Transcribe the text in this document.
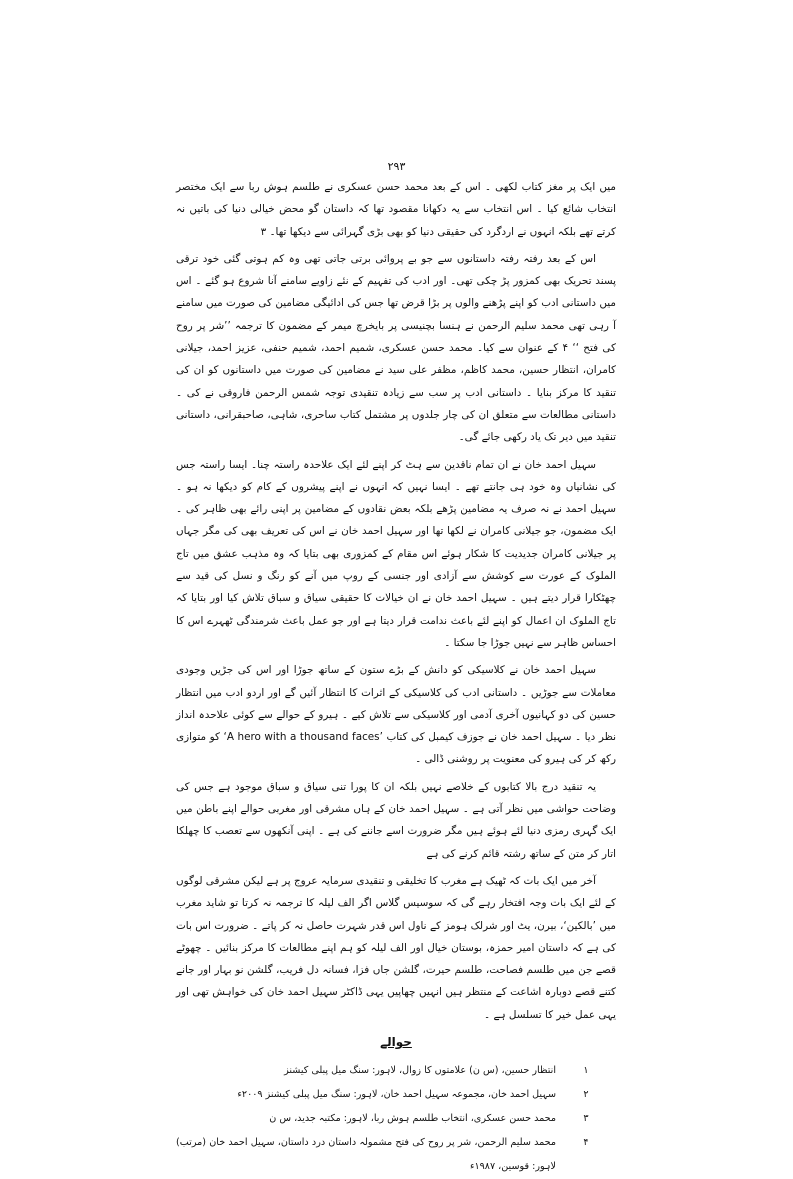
۲۹۳

میں ایک پر مغز کتاب لکھی ۔ اس کے بعد محمد حسن عسکری نے طلسم ہوش ربا سے ایک مختصر انتخاب شائع کیا ۔ اس انتخاب سے یہ دکھانا مقصود تھا کہ داستان گو محض خیالی دنیا کی باتیں نہ کرتے تھے بلکہ انہوں نے اردگرد کی حقیقی دنیا کو بھی بڑی گہرائی سے دیکھا تھا۔ ۳

اس کے بعد رفتہ رفتہ داستانوں سے جو بے پروائی برتی جاتی تھی وہ کم ہوتی گئی خود ترقی پسند تحریک بھی کمزور پڑ چکی تھی۔ اور ادب کی تفہیم کے نئے زاویے سامنے آنا شروع ہو گئے ۔ اس میں داستانی ادب کو اپنے پڑھنے والوں پر بڑا قرض تھا جس کی ادائیگی مضامین کی صورت میں سامنے آ رہی تھی محمد سلیم الرحمن نے ہنسا بچنیسی پر بایخرچ میمر کے مضمون کا ترجمہ ’’شر پر روح کی فتح ‘‘ ۴ کے عنوان سے کیا۔ محمد حسن عسکری، شمیم احمد، شمیم حنفی، عزیز احمد، جیلانی کامران، انتظار حسین، محمد کاظم، مظفر علی سید نے مضامین کی صورت میں داستانوں کو ان کی تنقید کا مرکز بنایا ۔ داستانی ادب پر سب سے زیادہ تنقیدی توجہ شمس الرحمن فاروقی نے کی ۔ داستانی مطالعات سے متعلق ان کی چار جلدوں پر مشتمل کتاب ساحری، شاہی، صاحبقرانی، داستانی تنقید میں دیر تک یاد رکھی جائے گی۔

سہیل احمد خان نے ان تمام ناقدین سے ہٹ کر اپنے لئے ایک علاحدہ راستہ چنا۔ ایسا راستہ جس کی نشانیاں وہ خود ہی جانتے تھے ۔ ایسا نہیں کہ انہوں نے اپنے پیشروں کے کام کو دیکھا نہ ہو ۔ سہیل احمد نے نہ صرف یہ مضامین پڑھے بلکہ بعض نقادوں کے مضامین پر اپنی رائے بھی ظاہر کی ۔ ایک مضمون، جو جیلانی کامران نے لکھا تھا اور سہیل احمد خان نے اس کی تعریف بھی کی مگر جہاں پر جیلانی کامران جدیدیت کا شکار ہوئے اس مقام کے کمزوری بھی بتایا کہ وہ مذہب عشق میں تاج الملوک کے عورت سے کوشش سے آزادی اور جنسی کے روپ میں آنے کو رنگ و نسل کی قید سے چھٹکارا قرار دیتے ہیں ۔ سہیل احمد خان نے ان خیالات کا حقیقی سیاق و سباق تلاش کیا اور بتایا کہ تاج الملوک ان اعمال کو اپنے لئے باعث ندامت قرار دیتا ہے اور جو عمل باعث شرمندگی ٹھہرے اس کا احساس ظاہر سے نہیں جوڑا جا سکتا ۔

سہیل احمد خان نے کلاسیکی کو دانش کے بڑے ستون کے ساتھ جوڑا اور اس کی جڑیں وجودی معاملات سے جوڑیں ۔ داستانی ادب کی کلاسیکی کے اثرات کا انتظار آئیں گے اور اردو ادب میں انتظار حسین کی دو کہانیوں آخری آدمی اور کلاسیکی سے تلاش کیے ۔ ہیرو کے حوالے سے کوئی علاحدہ انداز نظر دیا ۔ سہیل احمد خان نے جوزف کیمبل کی کتاب ’A hero with a thousand faces‘ کو متوازی رکھ کر کی ہیرو کی معنویت پر روشنی ڈالی ۔

یہ تنقید درج بالا کتابوں کے خلاصے نہیں بلکہ ان کا پورا تنی سیاق و سباق موجود ہے جس کی وضاحت حواشی میں نظر آتی ہے ۔ سہیل احمد خان کے ہاں مشرقی اور مغربی حوالے اپنے باطن میں ایک گہری رمزی دنیا لئے ہوئے ہیں مگر ضرورت اسے جاننے کی ہے ۔ اپنی آنکھوں سے تعصب کا چھلکا اتار کر متن کے ساتھ رشتہ قائم کرنے کی ہے

آخر میں ایک بات کہ ٹھیک ہے مغرب کا تخلیقی و تنقیدی سرمایہ عروج پر ہے لیکن مشرقی لوگوں کے لئے ایک بات وجہ افتخار رہے گی کہ سوسیس گلاس اگر الف لیلہ کا ترجمہ نہ کرتا تو شاید مغرب میں ’بالکین‘، بیرن، یٹ اور شرلک ہومز کے ناول اس قدر شہرت حاصل نہ کر پاتے ۔ ضرورت اس بات کی ہے کہ داستان امیر حمزہ، بوستان خیال اور الف لیلہ کو ہم اپنے مطالعات کا مرکز بنائیں ۔ چھوٹے قصے جن میں طلسم فصاحت، طلسم حیرت، گلشن جاں فزا، فسانہ دل فریب، گلشن نو بہار اور جانے کتنے قصے دوبارہ اشاعت کے منتظر ہیں انہیں چھاپیں یہی ڈاکٹر سہیل احمد خان کی خواہش تھی اور یہی عمل خیر کا تسلسل ہے ۔

حوالے
۱
انتظار حسین، (س ن) علامتوں کا زوال، لاہور: سنگ میل پبلی کیشنز
۲
سہیل احمد خان، مجموعہ سہیل احمد خان، لاہور: سنگ میل پبلی کیشنز ۲۰۰۹ء
۳
محمد حسن عسکری، انتخاب طلسم ہوش ربا، لاہور: مکتبہ جدید، س ن
۴
محمد سلیم الرحمن، شر پر روح کی فتح مشمولہ داستان درد داستان، سہیل احمد خان (مرتب) لاہور: قوسین، ۱۹۸۷ء
